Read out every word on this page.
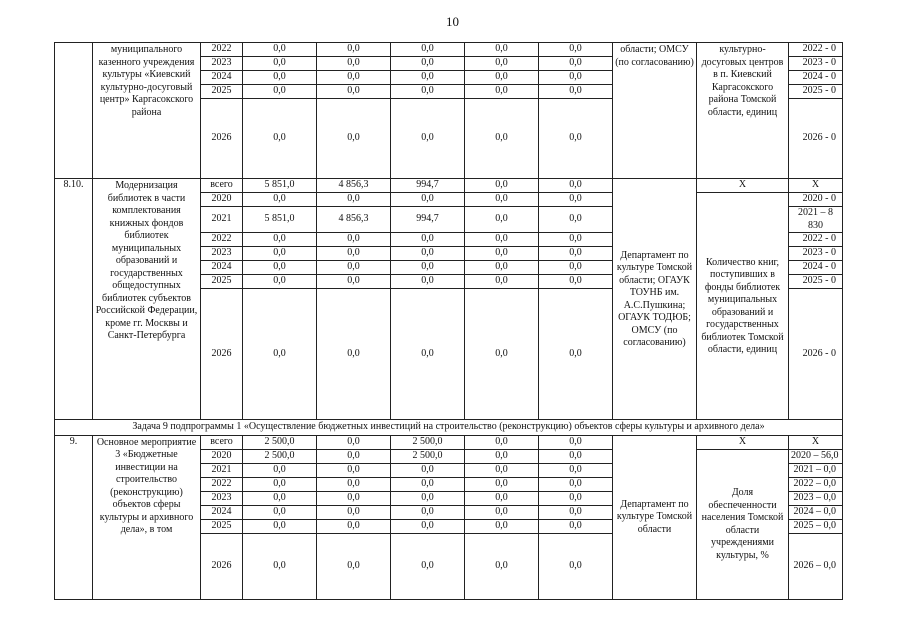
10
	муниципального казенного учреждения культуры «Киевский культурно-досуговый центр» Каргасокского района	2022	0,0	0,0	0,0	0,0	0,0	области; ОМСУ (по согласованию)	культурно-досуговых центров в п. Киевский Каргасокского района Томской области, единиц	2022 - 0
		2023	0,0	0,0	0,0	0,0	0,0			2023 - 0
		2024	0,0	0,0	0,0	0,0	0,0			2024 - 0
		2025	0,0	0,0	0,0	0,0	0,0			2025 - 0
		2026	0,0	0,0	0,0	0,0	0,0			2026 - 0
8.10.	Модернизация библиотек в части комплектования книжных фондов библиотек муниципальных образований и государственных общедоступных библиотек субъектов Российской Федерации, кроме гг. Москвы и Санкт-Петербурга	всего	5 851,0	4 856,3	994,7	0,0	0,0	Департамент по культуре Томской области; ОГАУК ТОУНБ им. А.С.Пушкина; ОГАУК ТОДЮБ; ОМСУ (по согласованию)	Х	Х
		2020	0,0	0,0	0,0	0,0	0,0		Количество книг, поступивших в фонды библиотек муниципальных образований и государственных библиотек Томской области, единиц	2020 - 0
		2021	5 851,0	4 856,3	994,7	0,0	0,0			2021 – 8 830
		2022	0,0	0,0	0,0	0,0	0,0			2022 - 0
		2023	0,0	0,0	0,0	0,0	0,0			2023 - 0
		2024	0,0	0,0	0,0	0,0	0,0			2024 - 0
		2025	0,0	0,0	0,0	0,0	0,0			2025 - 0
		2026	0,0	0,0	0,0	0,0	0,0			2026 - 0
Задача 9 подпрограммы 1 «Осуществление бюджетных инвестиций на строительство (реконструкцию) объектов сферы культуры и архивного дела»										
9.	Основное мероприятие 3 «Бюджетные инвестиции на строительство (реконструкцию) объектов сферы культуры и архивного дела», в том	всего	2 500,0	0,0	2 500,0	0,0	0,0	Департамент по культуре Томской области	Х	Х
		2020	2 500,0	0,0	2 500,0	0,0	0,0		Доля обеспеченности населения Томской области учреждениями культуры, %	2020 – 56,0
		2021	0,0	0,0	0,0	0,0	0,0			2021 – 0,0
		2022	0,0	0,0	0,0	0,0	0,0			2022 – 0,0
		2023	0,0	0,0	0,0	0,0	0,0			2023 – 0,0
		2024	0,0	0,0	0,0	0,0	0,0			2024 – 0,0
		2025	0,0	0,0	0,0	0,0	0,0			2025 – 0,0
		2026	0,0	0,0	0,0	0,0	0,0			2026 – 0,0
